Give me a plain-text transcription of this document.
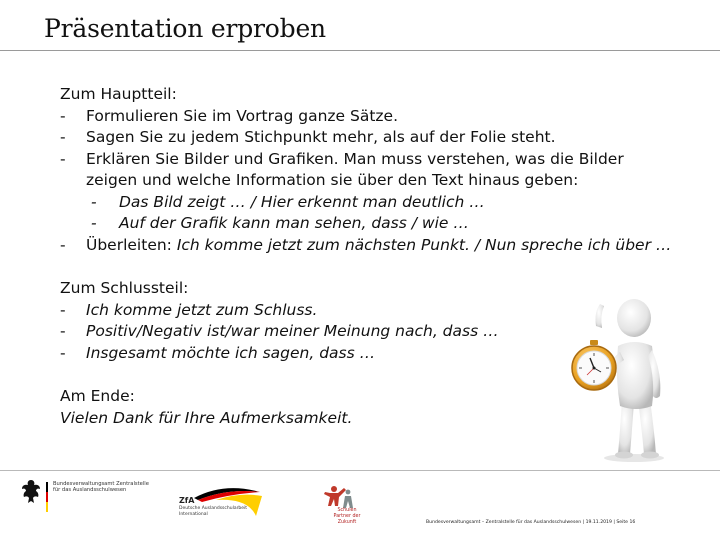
Präsentation erproben
Zum Hauptteil:
- Formulieren Sie im Vortrag ganze Sätze.
- Sagen Sie zu jedem Stichpunkt mehr, als auf der Folie steht.
- Erklären Sie Bilder und Grafiken. Man muss verstehen, was die Bilder
zeigen und welche Information sie über den Text hinaus geben:
- Das Bild zeigt … / Hier erkennt man deutlich …
- Auf der Grafik kann man sehen, dass / wie …
- Überleiten: Ich komme jetzt zum nächsten Punkt. / Nun spreche ich über …
Zum Schlussteil:
- Ich komme jetzt zum Schluss.
- Positiv/Negativ ist/war meiner Meinung nach, dass …
- Insgesamt möchte ich sagen, dass …
Am Ende:
Vielen Dank für Ihre Aufmerksamkeit.
Bundesverwaltungsamt Zentralstelle für das Auslandsschulwesen
ZfA
Deutsche Auslandsschularbeit International
Schulen Partner der Zukunft	Bundesverwaltungsamt – Zentralstelle für das Auslandsschulwesen | 19.11.2019 | Seite 16
